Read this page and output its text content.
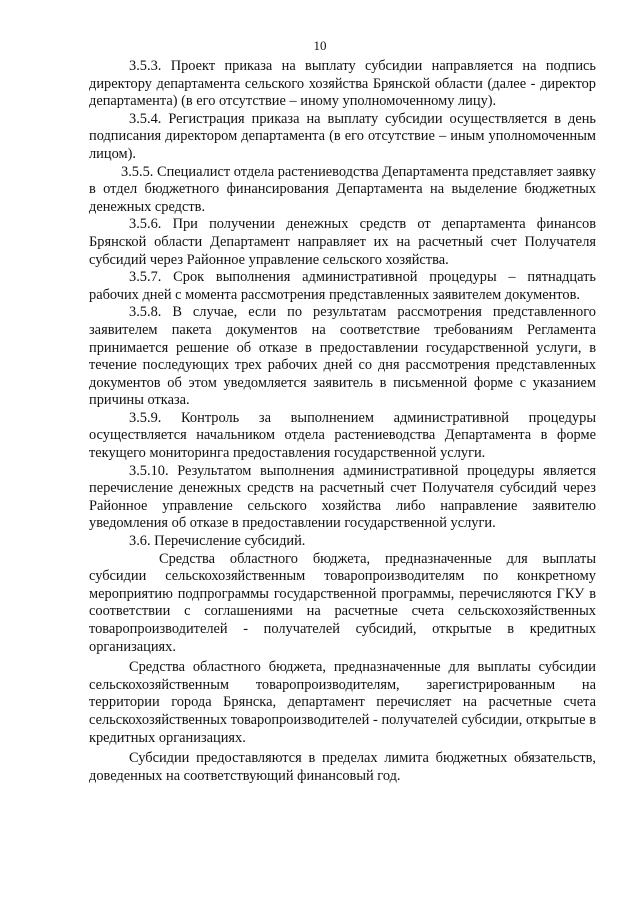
10

3.5.3. Проект приказа на выплату субсидии направляется на подпись директору департамента сельского хозяйства Брянской области (далее - директор департамента) (в его отсутствие – иному уполномоченному лицу).

3.5.4. Регистрация приказа на выплату субсидии осуществляется в день подписания директором департамента (в его отсутствие – иным уполномоченным лицом).

3.5.5. Специалист отдела растениеводства Департамента представляет заявку в отдел бюджетного финансирования Департамента на выделение бюджетных денежных средств.

3.5.6. При получении денежных средств от департамента финансов Брянской области Департамент направляет их на расчетный счет Получателя субсидий через Районное управление сельского хозяйства.

3.5.7. Срок выполнения административной процедуры – пятнадцать рабочих дней с момента рассмотрения представленных заявителем документов.

3.5.8. В случае, если по результатам рассмотрения представленного заявителем пакета документов на соответствие требованиям Регламента принимается решение об отказе в предоставлении государственной услуги, в течение последующих трех рабочих дней со дня рассмотрения представленных документов об этом уведомляется заявитель в письменной форме с указанием причины отказа.

3.5.9. Контроль за выполнением административной процедуры осуществляется начальником отдела растениеводства Департамента в форме текущего мониторинга предоставления государственной услуги.

3.5.10. Результатом выполнения административной процедуры является перечисление денежных средств на расчетный счет Получателя субсидий через Районное управление сельского хозяйства либо направление заявителю уведомления об отказе в предоставлении государственной услуги.

3.6. Перечисление субсидий.

Средства областного бюджета, предназначенные для выплаты субсидии сельскохозяйственным товаропроизводителям по конкретному мероприятию подпрограммы государственной программы, перечисляются ГКУ в соответствии с соглашениями на расчетные счета сельскохозяйственных товаропроизводителей - получателей субсидий, открытые в кредитных организациях.

Средства областного бюджета, предназначенные для выплаты субсидии сельскохозяйственным товаропроизводителям, зарегистрированным на территории города Брянска, департамент перечисляет на расчетные счета сельскохозяйственных товаропроизводителей - получателей субсидии, открытые в кредитных организациях.

Субсидии предоставляются в пределах лимита бюджетных обязательств, доведенных на соответствующий финансовый год.
